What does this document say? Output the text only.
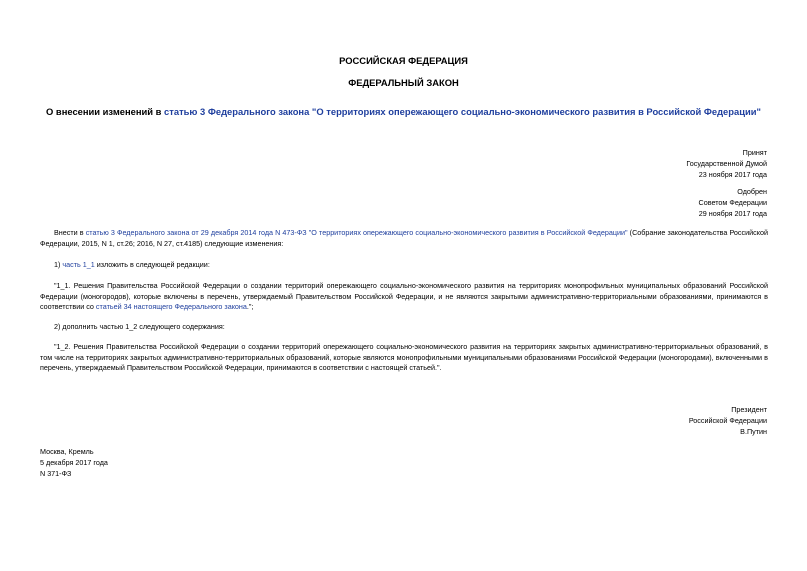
РОССИЙСКАЯ ФЕДЕРАЦИЯ
ФЕДЕРАЛЬНЫЙ ЗАКОН
О внесении изменений в статью 3 Федерального закона "О территориях опережающего социально-экономического развития в Российской Федерации"
Принят
Государственной Думой
23 ноября 2017 года
Одобрен
Советом Федерации
29 ноября 2017 года
Внести в статью 3 Федерального закона от 29 декабря 2014 года N 473-ФЗ "О территориях опережающего социально-экономического развития в Российской Федерации" (Собрание законодательства Российской Федерации, 2015, N 1, ст.26; 2016, N 27, ст.4185) следующие изменения:
1) часть 1_1 изложить в следующей редакции:
"1_1. Решения Правительства Российской Федерации о создании территорий опережающего социально-экономического развития на территориях монопрофильных муниципальных образований Российской Федерации (моногородов), которые включены в перечень, утверждаемый Правительством Российской Федерации, и не являются закрытыми административно-территориальными образованиями, принимаются в соответствии со статьей 34 настоящего Федерального закона.";
2) дополнить частью 1_2 следующего содержания:
"1_2. Решения Правительства Российской Федерации о создании территорий опережающего социально-экономического развития на территориях закрытых административно-территориальных образований, в том числе на территориях закрытых административно-территориальных образований, которые являются монопрофильными муниципальными образованиями Российской Федерации (моногородами), включенными в перечень, утверждаемый Правительством Российской Федерации, принимаются в соответствии с настоящей статьей.".
Президент
Российской Федерации
В.Путин
Москва, Кремль
5 декабря 2017 года
N 371-ФЗ
